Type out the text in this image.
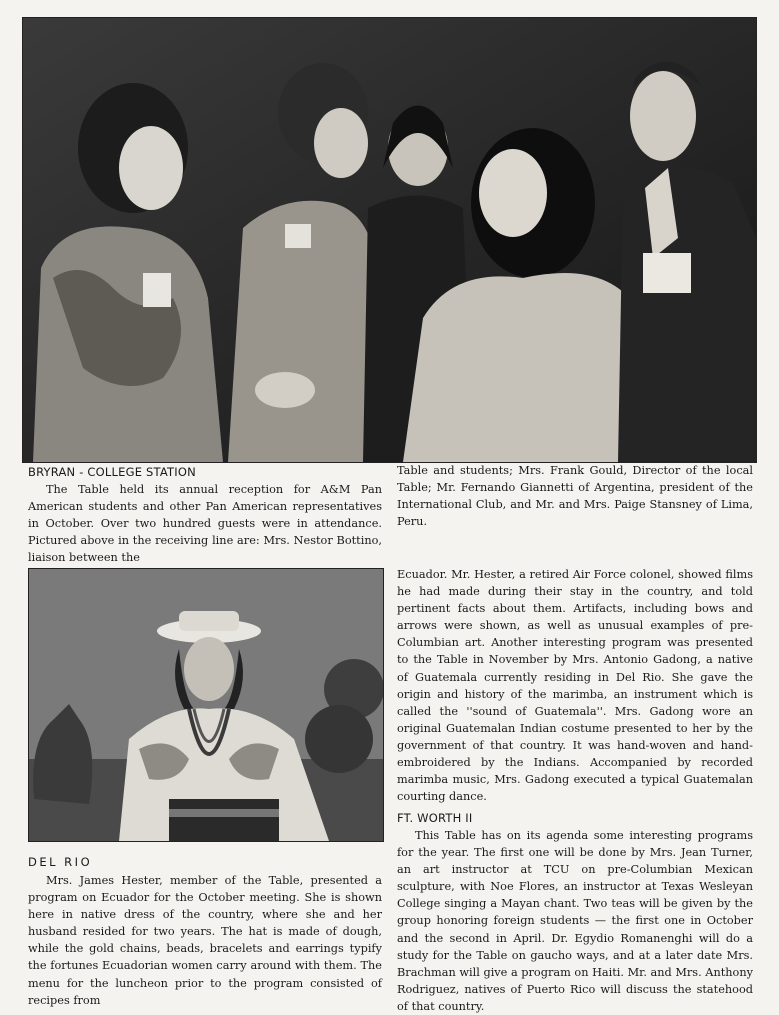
BRYRAN - COLLEGE STATION

The Table held its annual reception for A&M Pan American students and other Pan American representatives in October. Over two hundred guests were in attendance. Pictured above in the receiving line are: Mrs. Nestor Bottino, liaison between the

Table and students; Mrs. Frank Gould, Director of the local Table; Mr. Fernando Giannetti of Argentina, president of the International Club, and Mr. and Mrs. Paige Stansney of Lima, Peru.

Ecuador. Mr. Hester, a retired Air Force colonel, showed films he had made during their stay in the country, and told pertinent facts about them. Artifacts, including bows and arrows were shown, as well as unusual examples of pre-Columbian art. Another interesting program was presented to the Table in November by Mrs. Antonio Gadong, a native of Guatemala currently residing in Del Rio. She gave the origin and history of the marimba, an instrument which is called the ''sound of Guatemala''. Mrs. Gadong wore an original Guatemalan Indian costume presented to her by the government of that country. It was hand-woven and hand-embroidered by the Indians. Accompanied by recorded marimba music, Mrs. Gadong executed a typical Guatemalan courting dance.

FT. WORTH II

This Table has on its agenda some interesting programs for the year. The first one will be done by Mrs. Jean Turner, an art instructor at TCU on pre-Columbian Mexican sculpture, with Noe Flores, an instructor at Texas Wesleyan College singing a Mayan chant. Two teas will be given by the group honoring foreign students — the first one in October and the second in April. Dr. Egydio Romanenghi will do a study for the Table on gaucho ways, and at a later date Mrs. Brachman will give a program on Haiti. Mr. and Mrs. Anthony Rodriguez, natives of Puerto Rico will discuss the statehood of that country.

DEL RIO

Mrs. James Hester, member of the Table, presented a program on Ecuador for the October meeting. She is shown here in native dress of the country, where she and her husband resided for two years. The hat is made of dough, while the gold chains, beads, bracelets and earrings typify the fortunes Ecuadorian women carry around with them. The menu for the luncheon prior to the program consisted of recipes from
